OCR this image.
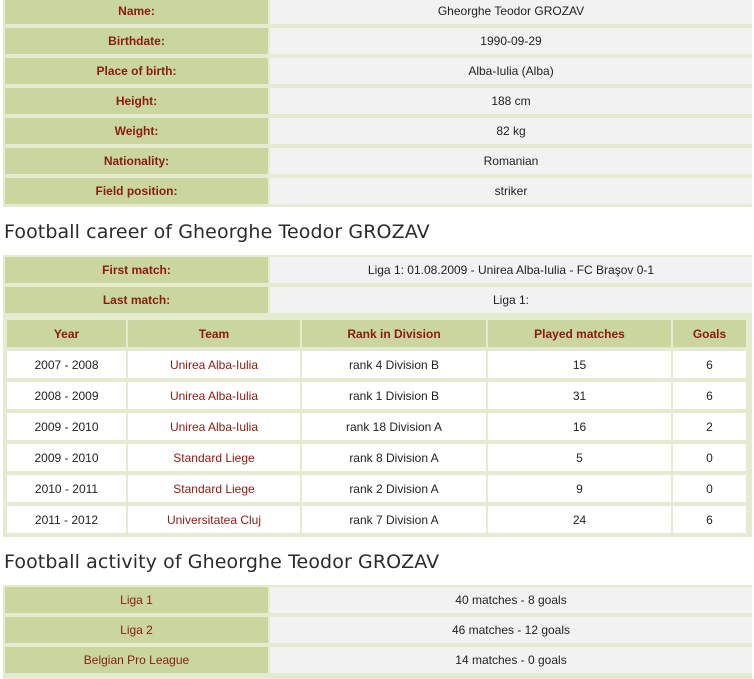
Name:	Gheorghe Teodor GROZAV
Birthdate:	1990-09-29
Place of birth:	Alba-Iulia (Alba)
Height:	188 cm
Weight:	82 kg
Nationality:	Romanian
Field position:	striker
Football career of Gheorghe Teodor GROZAV
First match:	Liga 1: 01.08.2009 - Unirea Alba-Iulia - FC Braşov 0-1
Last match:	Liga 1:
Year	Team	Rank in Division	Played matches	Goals
2007 - 2008	Unirea Alba-Iulia	rank 4 Division B	15	6
2008 - 2009	Unirea Alba-Iulia	rank 1 Division B	31	6
2009 - 2010	Unirea Alba-Iulia	rank 18 Division A	16	2
2009 - 2010	Standard Liege	rank 8 Division A	5	0
2010 - 2011	Standard Liege	rank 2 Division A	9	0
2011 - 2012	Universitatea Cluj	rank 7 Division A	24	6
Football activity of Gheorghe Teodor GROZAV
Liga 1	40 matches - 8 goals
Liga 2	46 matches - 12 goals
Belgian Pro League	14 matches - 0 goals
